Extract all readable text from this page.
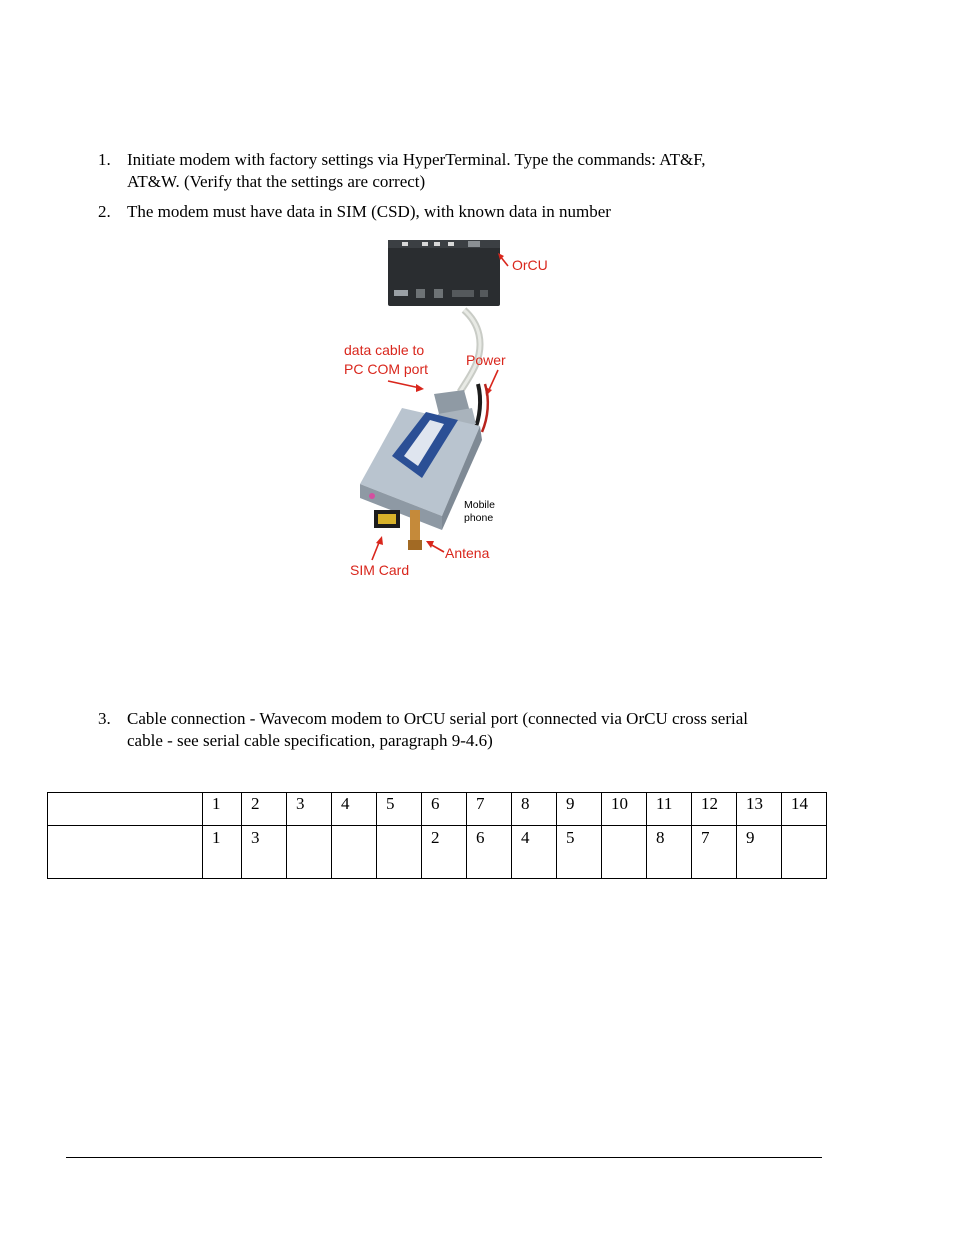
1. Initiate modem with factory settings via HyperTerminal. Type the commands: AT&F,
AT&W. (Verify that the settings are correct)
2. The modem must have data in SIM (CSD), with known data in number
OrCU
data cable to
PC COM port
Power
Mobile
phone
Antena
SIM Card
3. Cable connection - Wavecom modem to OrCU serial port (connected via OrCU cross serial
cable - see serial cable specification, paragraph 9-4.6)
	1	2	3	4	5	6	7	8	9	10	11	12	13	14
	1	3				2	6	4	5		8	7	9	
